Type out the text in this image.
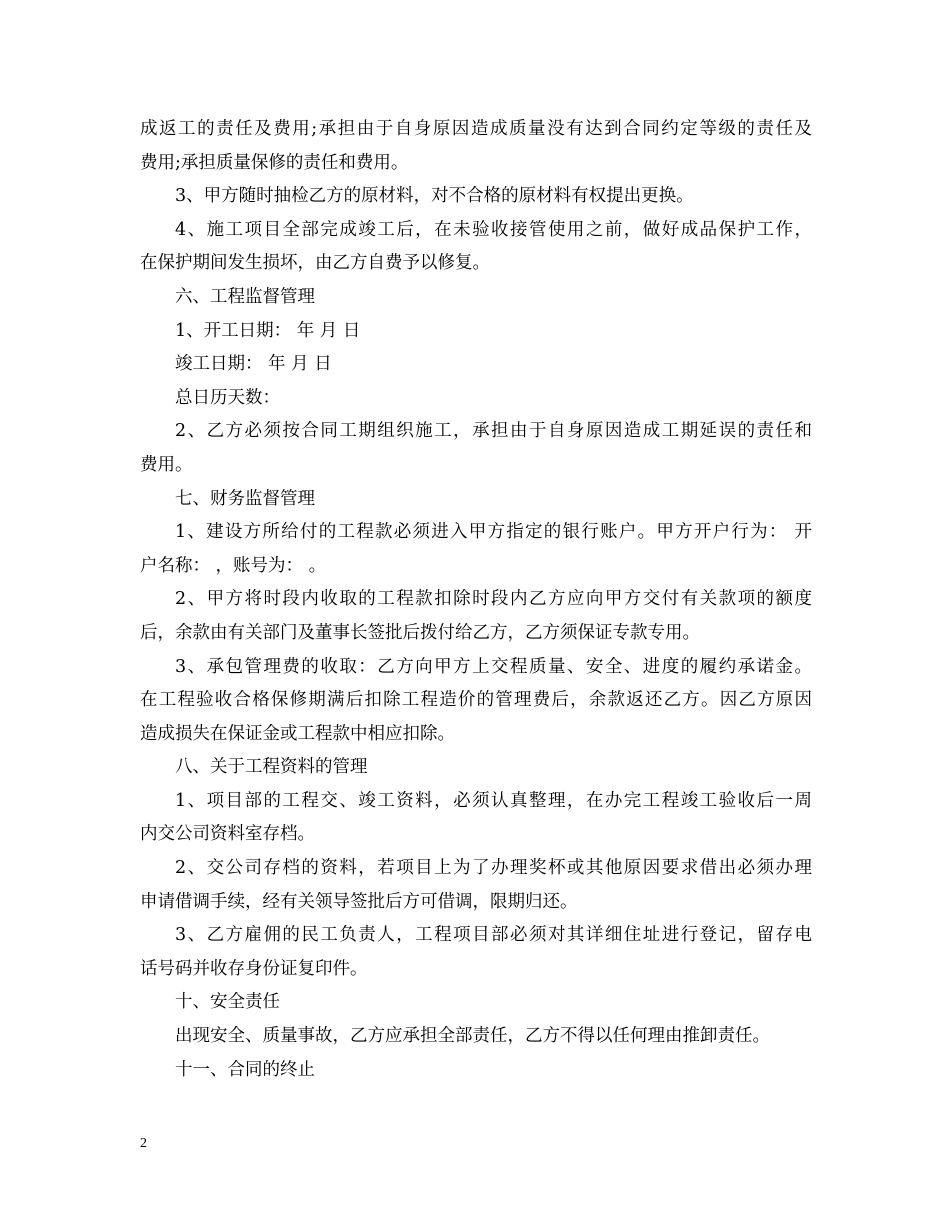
成返工的责任及费用;承担由于自身原因造成质量没有达到合同约定等级的责任及
费用;承担质量保修的责任和费用。
3、甲方随时抽检乙方的原材料，对不合格的原材料有权提出更换。
4、施工项目全部完成竣工后，在未验收接管使用之前，做好成品保护工作，
在保护期间发生损坏，由乙方自费予以修复。
六、工程监督管理
1、开工日期： 年 月 日
竣工日期： 年 月 日
总日历天数：
2、乙方必须按合同工期组织施工，承担由于自身原因造成工期延误的责任和
费用。
七、财务监督管理
1、建设方所给付的工程款必须进入甲方指定的银行账户。甲方开户行为： 开
户名称： ，账号为： 。
2、甲方将时段内收取的工程款扣除时段内乙方应向甲方交付有关款项的额度
后，余款由有关部门及董事长签批后拨付给乙方，乙方须保证专款专用。
3、承包管理费的收取：乙方向甲方上交程质量、安全、进度的履约承诺金。
在工程验收合格保修期满后扣除工程造价的管理费后，余款返还乙方。因乙方原因
造成损失在保证金或工程款中相应扣除。
八、关于工程资料的管理
1、项目部的工程交、竣工资料，必须认真整理，在办完工程竣工验收后一周
内交公司资料室存档。
2、交公司存档的资料，若项目上为了办理奖杯或其他原因要求借出必须办理
申请借调手续，经有关领导签批后方可借调，限期归还。
3、乙方雇佣的民工负责人，工程项目部必须对其详细住址进行登记，留存电
话号码并收存身份证复印件。
十、安全责任
出现安全、质量事故，乙方应承担全部责任，乙方不得以任何理由推卸责任。
十一、合同的终止
2
